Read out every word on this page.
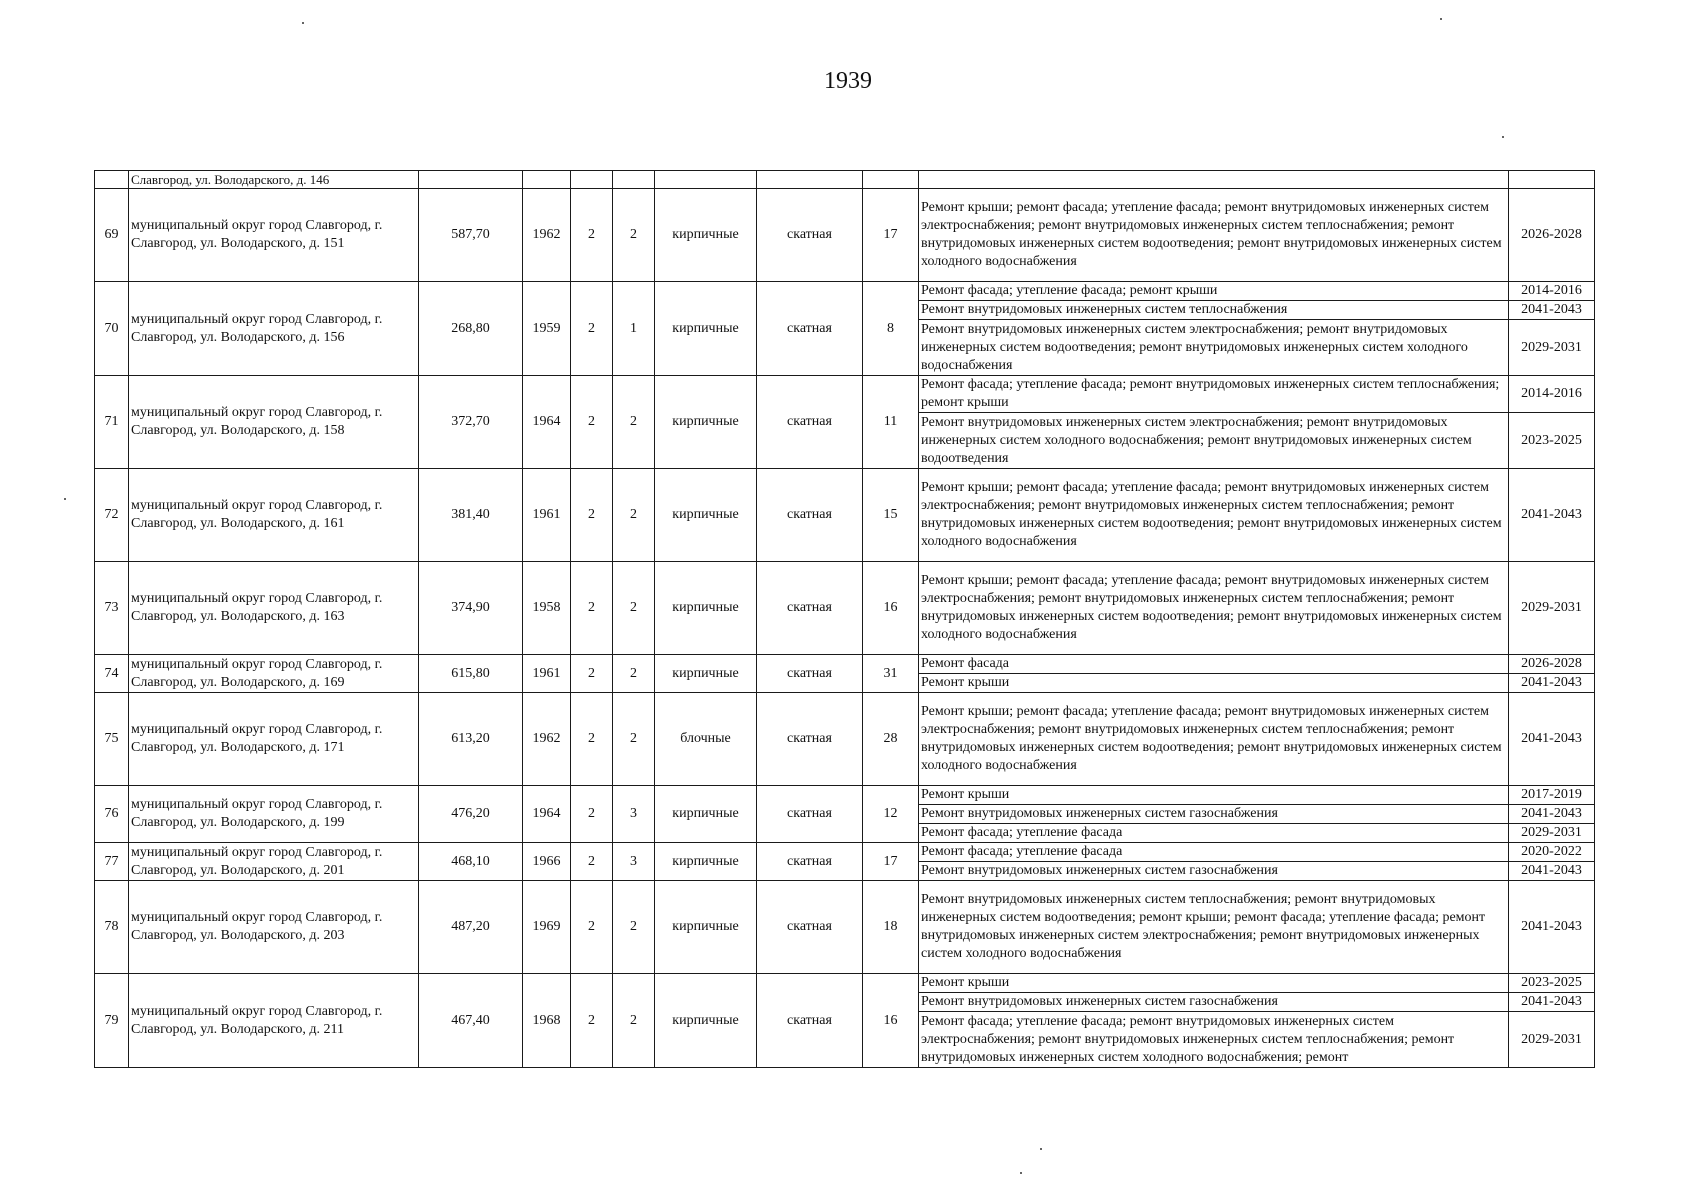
1939
	Славгород, ул. Володарского, д. 146									
69	муниципальный округ город Славгород, г. Славгород, ул. Володарского, д. 151	587,70	1962	2	2	кирпичные	скатная	17	Ремонт крыши; ремонт фасада; утепление фасада; ремонт внутридомовых инженерных систем электроснабжения; ремонт внутридомовых инженерных систем теплоснабжения; ремонт внутридомовых инженерных систем водоотведения; ремонт внутридомовых инженерных систем холодного водоснабжения	2026-2028
70	муниципальный округ город Славгород, г. Славгород, ул. Володарского, д. 156	268,80	1959	2	1	кирпичные	скатная	8	Ремонт фасада; утепление фасада; ремонт крыши	2014-2016
									Ремонт внутридомовых инженерных систем теплоснабжения	2041-2043
									Ремонт внутридомовых инженерных систем электроснабжения; ремонт внутридомовых инженерных систем водоотведения; ремонт внутридомовых инженерных систем холодного водоснабжения	2029-2031
71	муниципальный округ город Славгород, г. Славгород, ул. Володарского, д. 158	372,70	1964	2	2	кирпичные	скатная	11	Ремонт фасада; утепление фасада; ремонт внутридомовых инженерных систем теплоснабжения; ремонт крыши	2014-2016
									Ремонт внутридомовых инженерных систем электроснабжения; ремонт внутридомовых инженерных систем холодного водоснабжения; ремонт внутридомовых инженерных систем водоотведения	2023-2025
72	муниципальный округ город Славгород, г. Славгород, ул. Володарского, д. 161	381,40	1961	2	2	кирпичные	скатная	15	Ремонт крыши; ремонт фасада; утепление фасада; ремонт внутридомовых инженерных систем электроснабжения; ремонт внутридомовых инженерных систем теплоснабжения; ремонт внутридомовых инженерных систем водоотведения; ремонт внутридомовых инженерных систем холодного водоснабжения	2041-2043
73	муниципальный округ город Славгород, г. Славгород, ул. Володарского, д. 163	374,90	1958	2	2	кирпичные	скатная	16	Ремонт крыши; ремонт фасада; утепление фасада; ремонт внутридомовых инженерных систем электроснабжения; ремонт внутридомовых инженерных систем теплоснабжения; ремонт внутридомовых инженерных систем водоотведения; ремонт внутридомовых инженерных систем холодного водоснабжения	2029-2031
74	муниципальный округ город Славгород, г. Славгород, ул. Володарского, д. 169	615,80	1961	2	2	кирпичные	скатная	31	Ремонт фасада	2026-2028
									Ремонт крыши	2041-2043
75	муниципальный округ город Славгород, г. Славгород, ул. Володарского, д. 171	613,20	1962	2	2	блочные	скатная	28	Ремонт крыши; ремонт фасада; утепление фасада; ремонт внутридомовых инженерных систем электроснабжения; ремонт внутридомовых инженерных систем теплоснабжения; ремонт внутридомовых инженерных систем водоотведения; ремонт внутридомовых инженерных систем холодного водоснабжения	2041-2043
76	муниципальный округ город Славгород, г. Славгород, ул. Володарского, д. 199	476,20	1964	2	3	кирпичные	скатная	12	Ремонт крыши	2017-2019
									Ремонт внутридомовых инженерных систем газоснабжения	2041-2043
									Ремонт фасада; утепление фасада	2029-2031
77	муниципальный округ город Славгород, г. Славгород, ул. Володарского, д. 201	468,10	1966	2	3	кирпичные	скатная	17	Ремонт фасада; утепление фасада	2020-2022
									Ремонт внутридомовых инженерных систем газоснабжения	2041-2043
78	муниципальный округ город Славгород, г. Славгород, ул. Володарского, д. 203	487,20	1969	2	2	кирпичные	скатная	18	Ремонт внутридомовых инженерных систем теплоснабжения; ремонт внутридомовых инженерных систем водоотведения; ремонт крыши; ремонт фасада; утепление фасада; ремонт внутридомовых инженерных систем электроснабжения; ремонт внутридомовых инженерных систем холодного водоснабжения	2041-2043
79	муниципальный округ город Славгород, г. Славгород, ул. Володарского, д. 211	467,40	1968	2	2	кирпичные	скатная	16	Ремонт крыши	2023-2025
									Ремонт внутридомовых инженерных систем газоснабжения	2041-2043
									Ремонт фасада; утепление фасада; ремонт внутридомовых инженерных систем электроснабжения; ремонт внутридомовых инженерных систем теплоснабжения; ремонт внутридомовых инженерных систем холодного водоснабжения; ремонт	2029-2031
